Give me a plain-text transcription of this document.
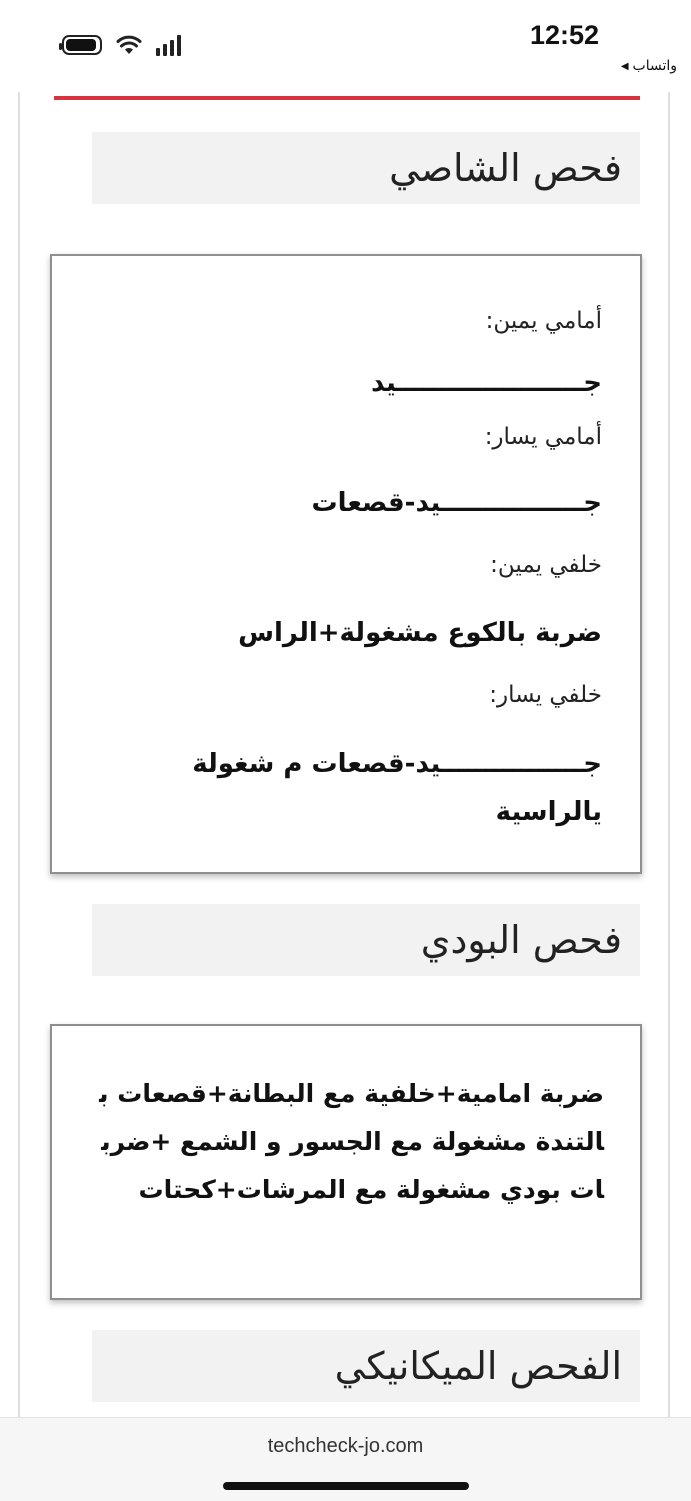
12:52
واتساب
◀
فحص الشاصي
أمامي يمين:
جـــــــــــــــــــــيد
أمامي يسار:
جــــــــــــــــيد-قصعات
خلفي يمين:
ضربة بالكوع مشغولة+الراس
خلفي يسار:
جــــــــــــــــيد-قصعات م شغولة يالراسية
فحص البودي
ضربة امامية+خلفية مع البطانة+قصعات بالتندة مشغولة مع الجسور و الشمع +ضربات بودي مشغولة مع المرشات+كحتات
الفحص الميكانيكي
techcheck-jo.com
